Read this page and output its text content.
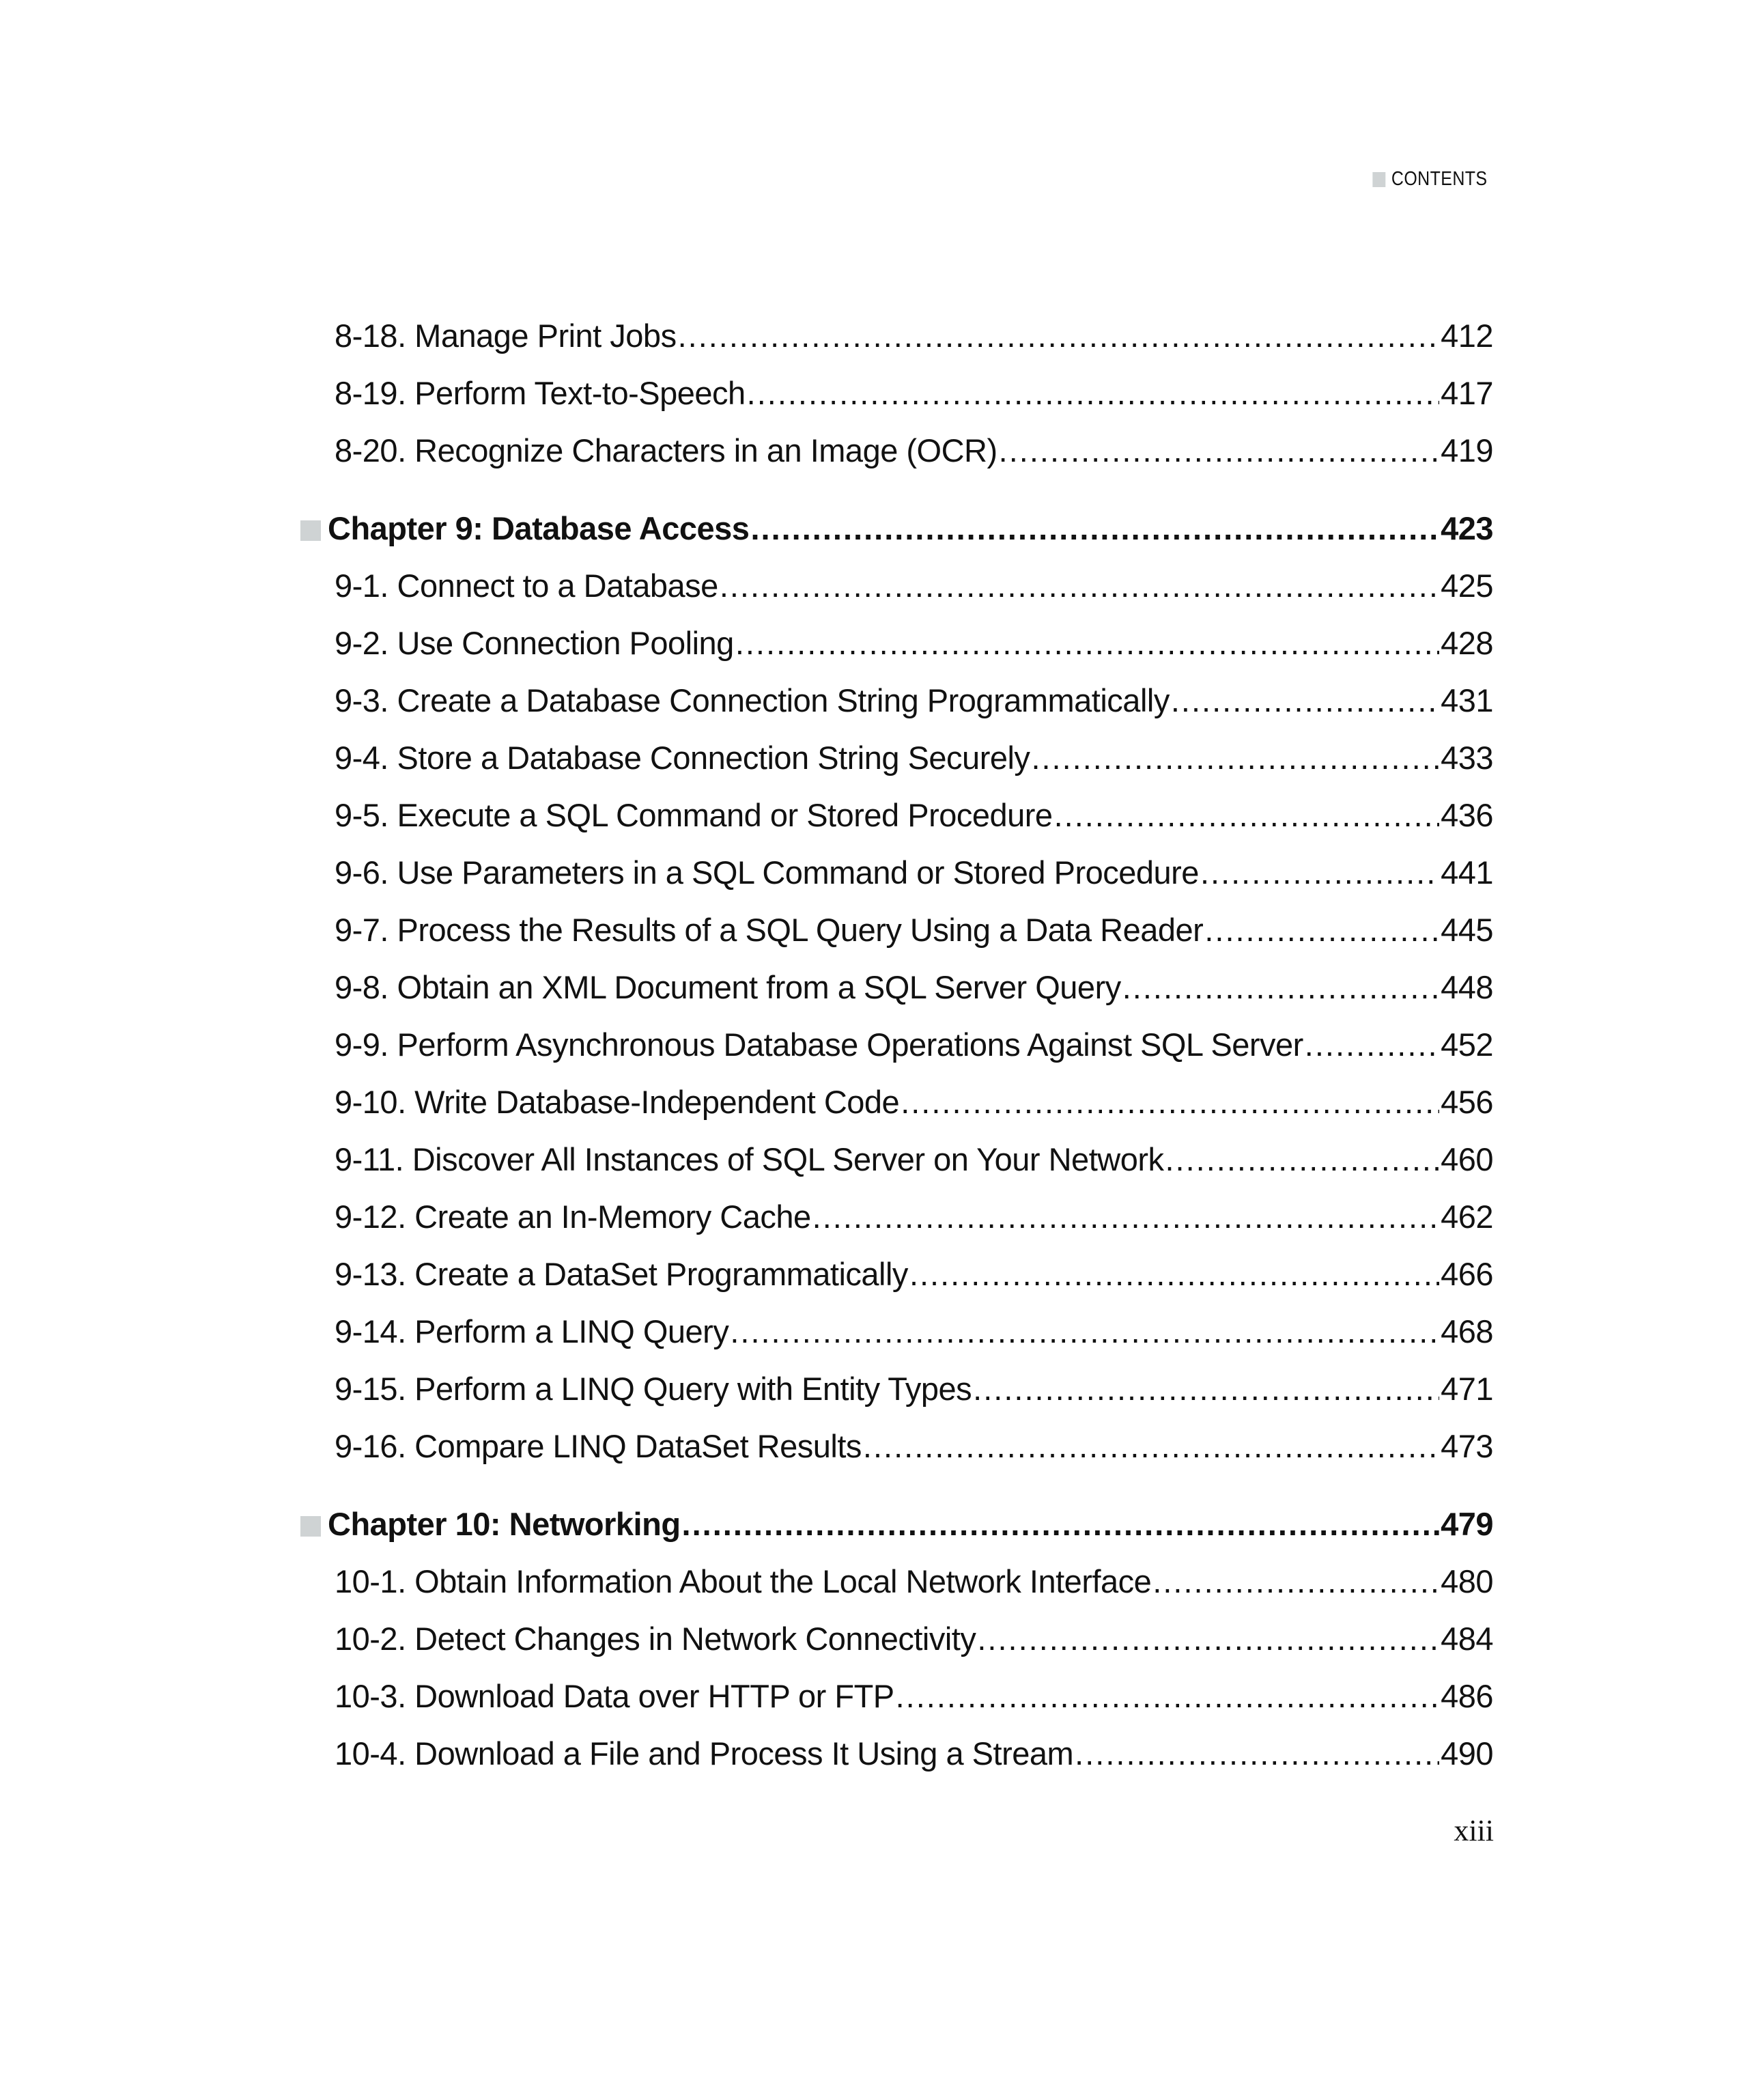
CONTENTS
8-18. Manage Print Jobs .....	412
8-19. Perform Text-to-Speech .....	417
8-20. Recognize Characters in an Image (OCR) .....	419
Chapter 9: Database Access .....	423
9-1. Connect to a Database .....	425
9-2. Use Connection Pooling .....	428
9-3. Create a Database Connection String Programmatically .....	431
9-4. Store a Database Connection String Securely .....	433
9-5. Execute a SQL Command or Stored Procedure .....	436
9-6. Use Parameters in a SQL Command or Stored Procedure .....	441
9-7. Process the Results of a SQL Query Using a Data Reader .....	445
9-8. Obtain an XML Document from a SQL Server Query .....	448
9-9. Perform Asynchronous Database Operations Against SQL Server .....	452
9-10. Write Database-Independent Code .....	456
9-11. Discover All Instances of SQL Server on Your Network .....	460
9-12. Create an In-Memory Cache .....	462
9-13. Create a DataSet Programmatically .....	466
9-14. Perform a LINQ Query .....	468
9-15. Perform a LINQ Query with Entity Types .....	471
9-16. Compare LINQ DataSet Results .....	473
Chapter 10: Networking .....	479
10-1. Obtain Information About the Local Network Interface .....	480
10-2. Detect Changes in Network Connectivity .....	484
10-3. Download Data over HTTP or FTP .....	486
10-4. Download a File and Process It Using a Stream .....	490
xiii
